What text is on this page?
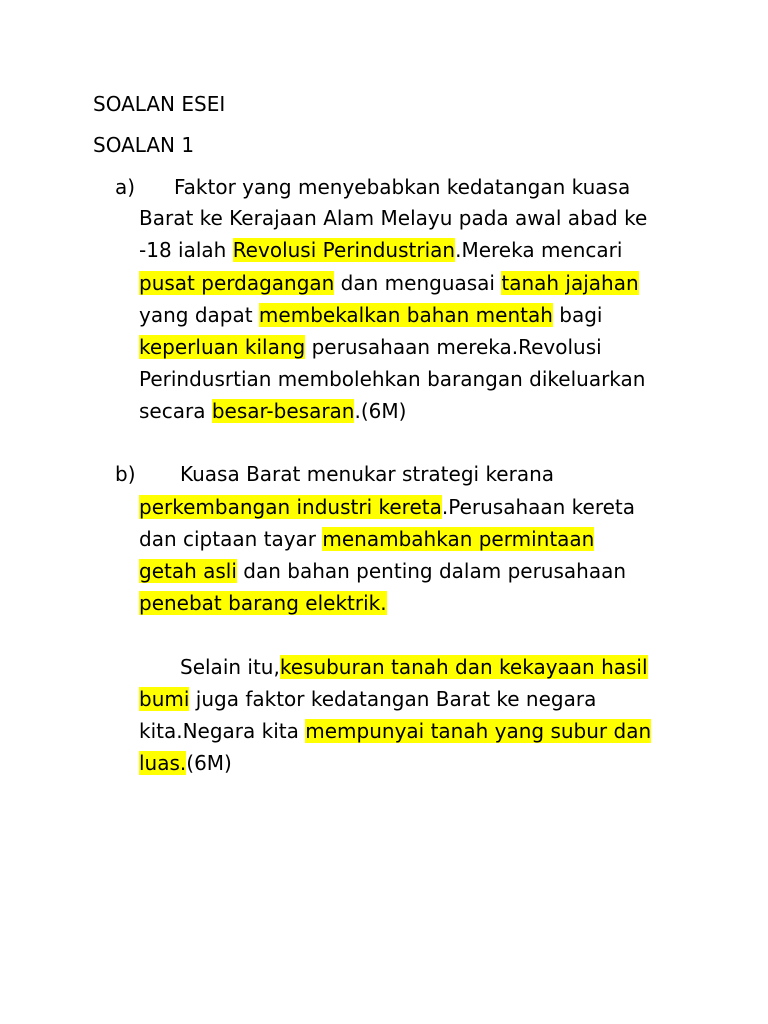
SOALAN ESEI
SOALAN 1
a)
b)
Faktor yang menyebabkan kedatangan kuasa
Barat ke Kerajaan Alam Melayu pada awal abad ke
-18 ialah Revolusi Perindustrian.Mereka mencari
pusat perdagangan dan menguasai tanah jajahan
yang dapat membekalkan bahan mentah bagi
keperluan kilang perusahaan mereka.Revolusi
Perindusrtian membolehkan barangan dikeluarkan
secara besar-besaran.(6M)
Kuasa Barat menukar strategi kerana
perkembangan industri kereta.Perusahaan kereta
dan ciptaan tayar menambahkan permintaan
getah asli dan bahan penting dalam perusahaan
penebat barang elektrik.
Selain itu,kesuburan tanah dan kekayaan hasil
bumi juga faktor kedatangan Barat ke negara
kita.Negara kita mempunyai tanah yang subur dan
luas.(6M)
